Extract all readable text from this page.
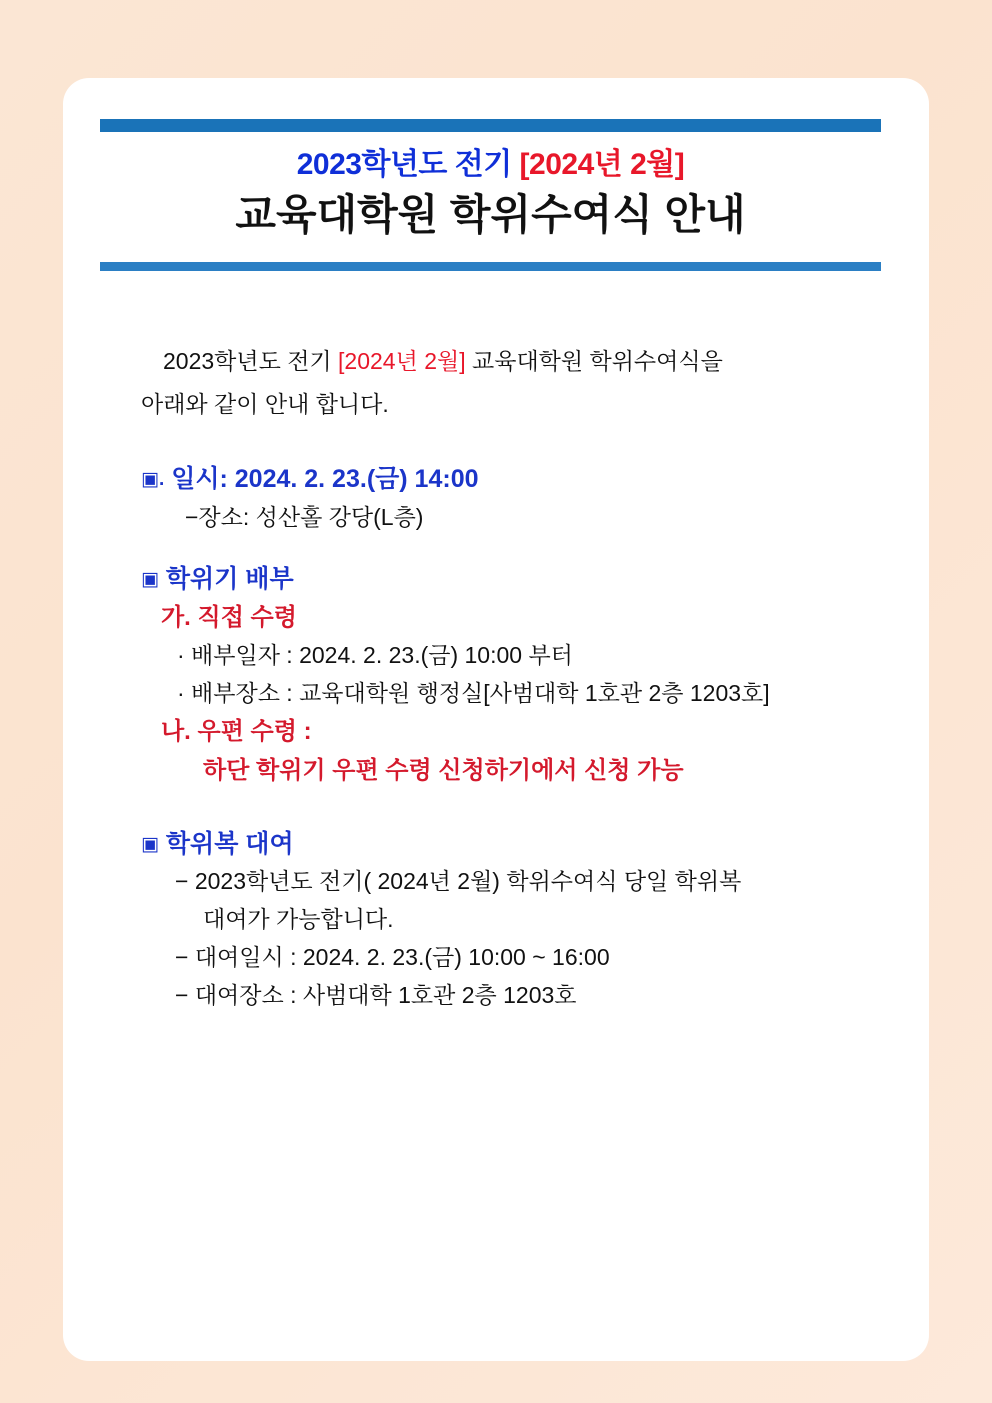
2023학년도 전기 [2024년 2월]
교육대학원 학위수여식 안내
2023학년도 전기 [2024년 2월] 교육대학원 학위수여식을
아래와 같이 안내 합니다.
▣. 일시: 2024. 2. 23.(금) 14:00
−장소: 성산홀 강당(L층)
▣ 학위기 배부
가. 직접 수령
· 배부일자 : 2024. 2. 23.(금) 10:00 부터
· 배부장소 : 교육대학원 행정실[사범대학 1호관 2층 1203호]
나. 우편 수령 :
하단 학위기 우편 수령 신청하기에서 신청 가능
▣ 학위복 대여
− 2023학년도 전기( 2024년 2월) 학위수여식 당일 학위복
대여가 가능합니다.
− 대여일시 : 2024. 2. 23.(금) 10:00 ~ 16:00
− 대여장소 : 사범대학 1호관 2층 1203호
